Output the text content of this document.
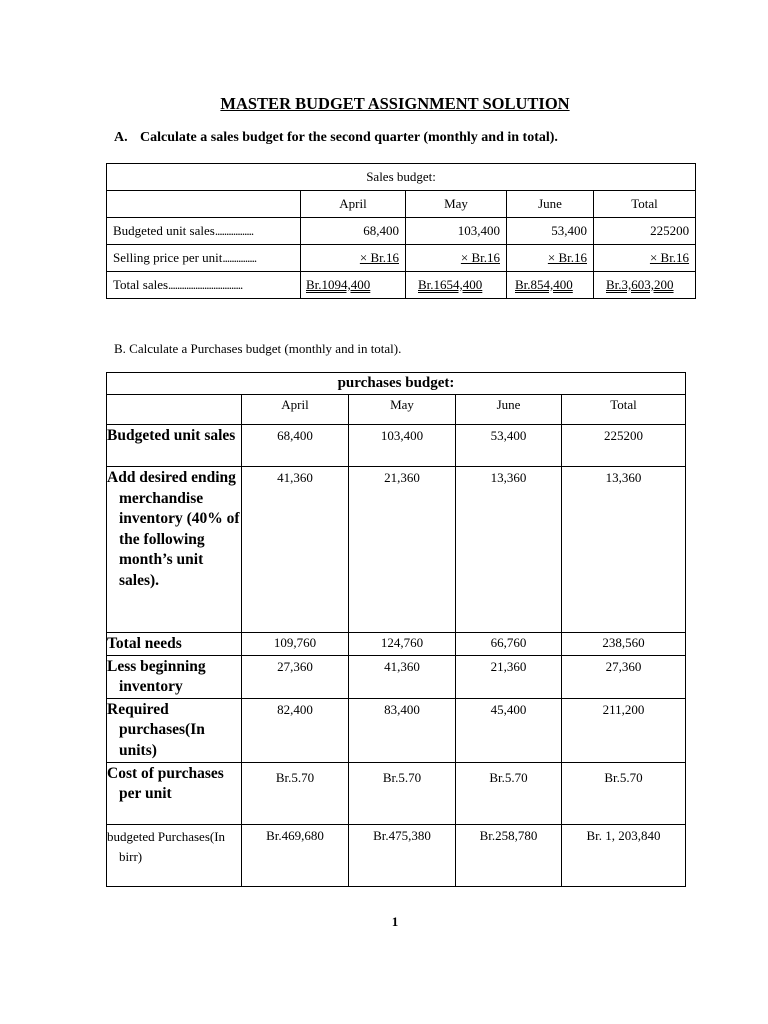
MASTER BUDGET ASSIGNMENT SOLUTION
A. Calculate a sales budget for the second quarter (monthly and in total).
Sales budget:				
	April	May	June	Total
Budgeted unit sales.................	68,400	103,400	53,400	225200
Selling price per unit...............	× Br.16	× Br.16	× Br.16	× Br.16
Total sales.................................	Br.1094,400	Br.1654,400	Br.854,400	Br.3,603,200
B. Calculate a Purchases budget (monthly and in total).
purchases budget:				
	April	May	June	Total
Budgeted unit sales	68,400	103,400	53,400	225200
Add desired ending merchandise inventory (40% of the following month’s unit sales).	41,360	21,360	13,360	13,360
Total needs	109,760	124,760	66,760	238,560
Less beginning inventory	27,360	41,360	21,360	27,360
Required purchases(In units)	82,400	83,400	45,400	211,200
Cost of purchases per unit	Br.5.70	Br.5.70	Br.5.70	Br.5.70
budgeted Purchases(In birr)	Br.469,680	Br.475,380	Br.258,780	Br. 1, 203,840
1
